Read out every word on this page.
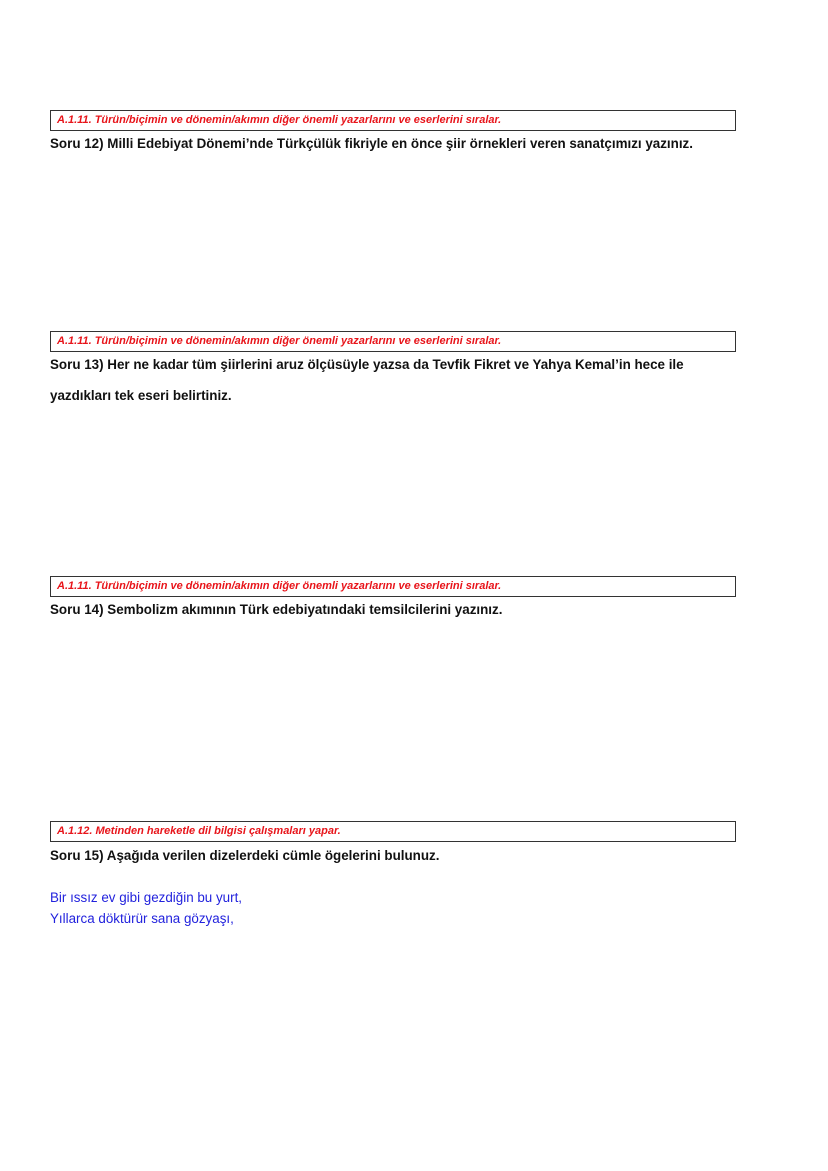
A.1.11. Türün/biçimin ve dönemin/akımın diğer önemli yazarlarını ve eserlerini sıralar.
Soru 12) Milli Edebiyat Dönemi’nde Türkçülük fikriyle en önce şiir örnekleri veren sanatçımızı yazınız.
A.1.11. Türün/biçimin ve dönemin/akımın diğer önemli yazarlarını ve eserlerini sıralar.
Soru 13) Her ne kadar tüm şiirlerini aruz ölçüsüyle yazsa da Tevfik Fikret ve Yahya Kemal’in hece ile
yazdıkları tek eseri belirtiniz.
A.1.11. Türün/biçimin ve dönemin/akımın diğer önemli yazarlarını ve eserlerini sıralar.
Soru 14) Sembolizm akımının Türk edebiyatındaki temsilcilerini yazınız.
A.1.12. Metinden hareketle dil bilgisi çalışmaları yapar.
Soru 15) Aşağıda verilen dizelerdeki cümle ögelerini bulunuz.
Bir ıssız ev gibi gezdiğin bu yurt,
Yıllarca döktürür sana gözyaşı,
